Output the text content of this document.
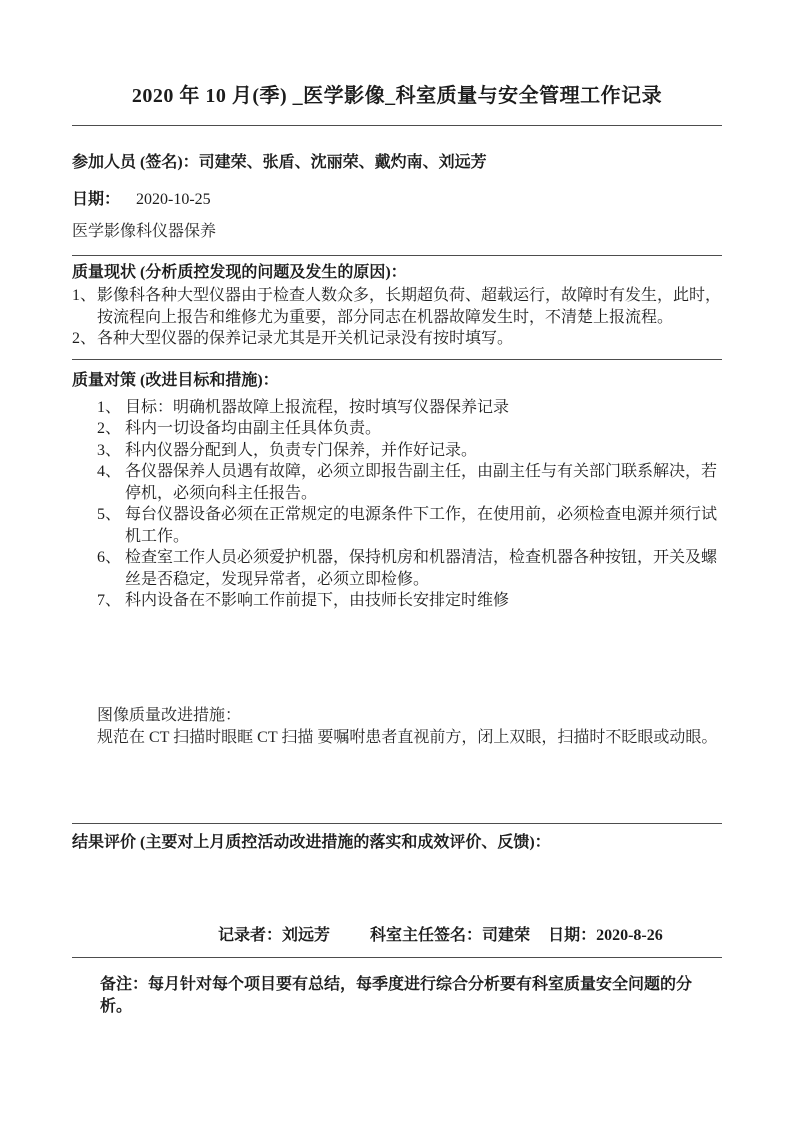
2020 年 10 月(季) _医学影像_科室质量与安全管理工作记录
参加人员 (签名)：司建荣、张盾、沈丽荣、戴灼南、刘远芳
日期： 2020-10-25
医学影像科仪器保养
质量现状 (分析质控发现的问题及发生的原因)：
1、 影像科各种大型仪器由于检查人数众多，长期超负荷、超载运行，故障时有发生，此时，按流程向上报告和维修尤为重要，部分同志在机器故障发生时，不清楚上报流程。
2、 各种大型仪器的保养记录尤其是开关机记录没有按时填写。
质量对策 (改进目标和措施)：
1、 目标：明确机器故障上报流程，按时填写仪器保养记录
2、 科内一切设备均由副主任具体负责。
3、 科内仪器分配到人，负责专门保养，并作好记录。
4、 各仪器保养人员遇有故障，必须立即报告副主任，由副主任与有关部门联系解决，若停机，必须向科主任报告。
5、 每台仪器设备必须在正常规定的电源条件下工作，在使用前，必须检查电源并须行试机工作。
6、 检查室工作人员必须爱护机器，保持机房和机器清洁，检查机器各种按钮，开关及螺丝是否稳定，发现异常者，必须立即检修。
7、 科内设备在不影响工作前提下，由技师长安排定时维修
图像质量改进措施：
规范在 CT 扫描时眼眶 CT 扫描 要嘱咐患者直视前方，闭上双眼，扫描时不眨眼或动眼。
结果评价 (主要对上月质控活动改进措施的落实和成效评价、反馈)：
记录者：刘远芳	科室主任签名：司建荣 日期：2020-8-26
备注：每月针对每个项目要有总结，每季度进行综合分析要有科室质量安全问题的分析。
